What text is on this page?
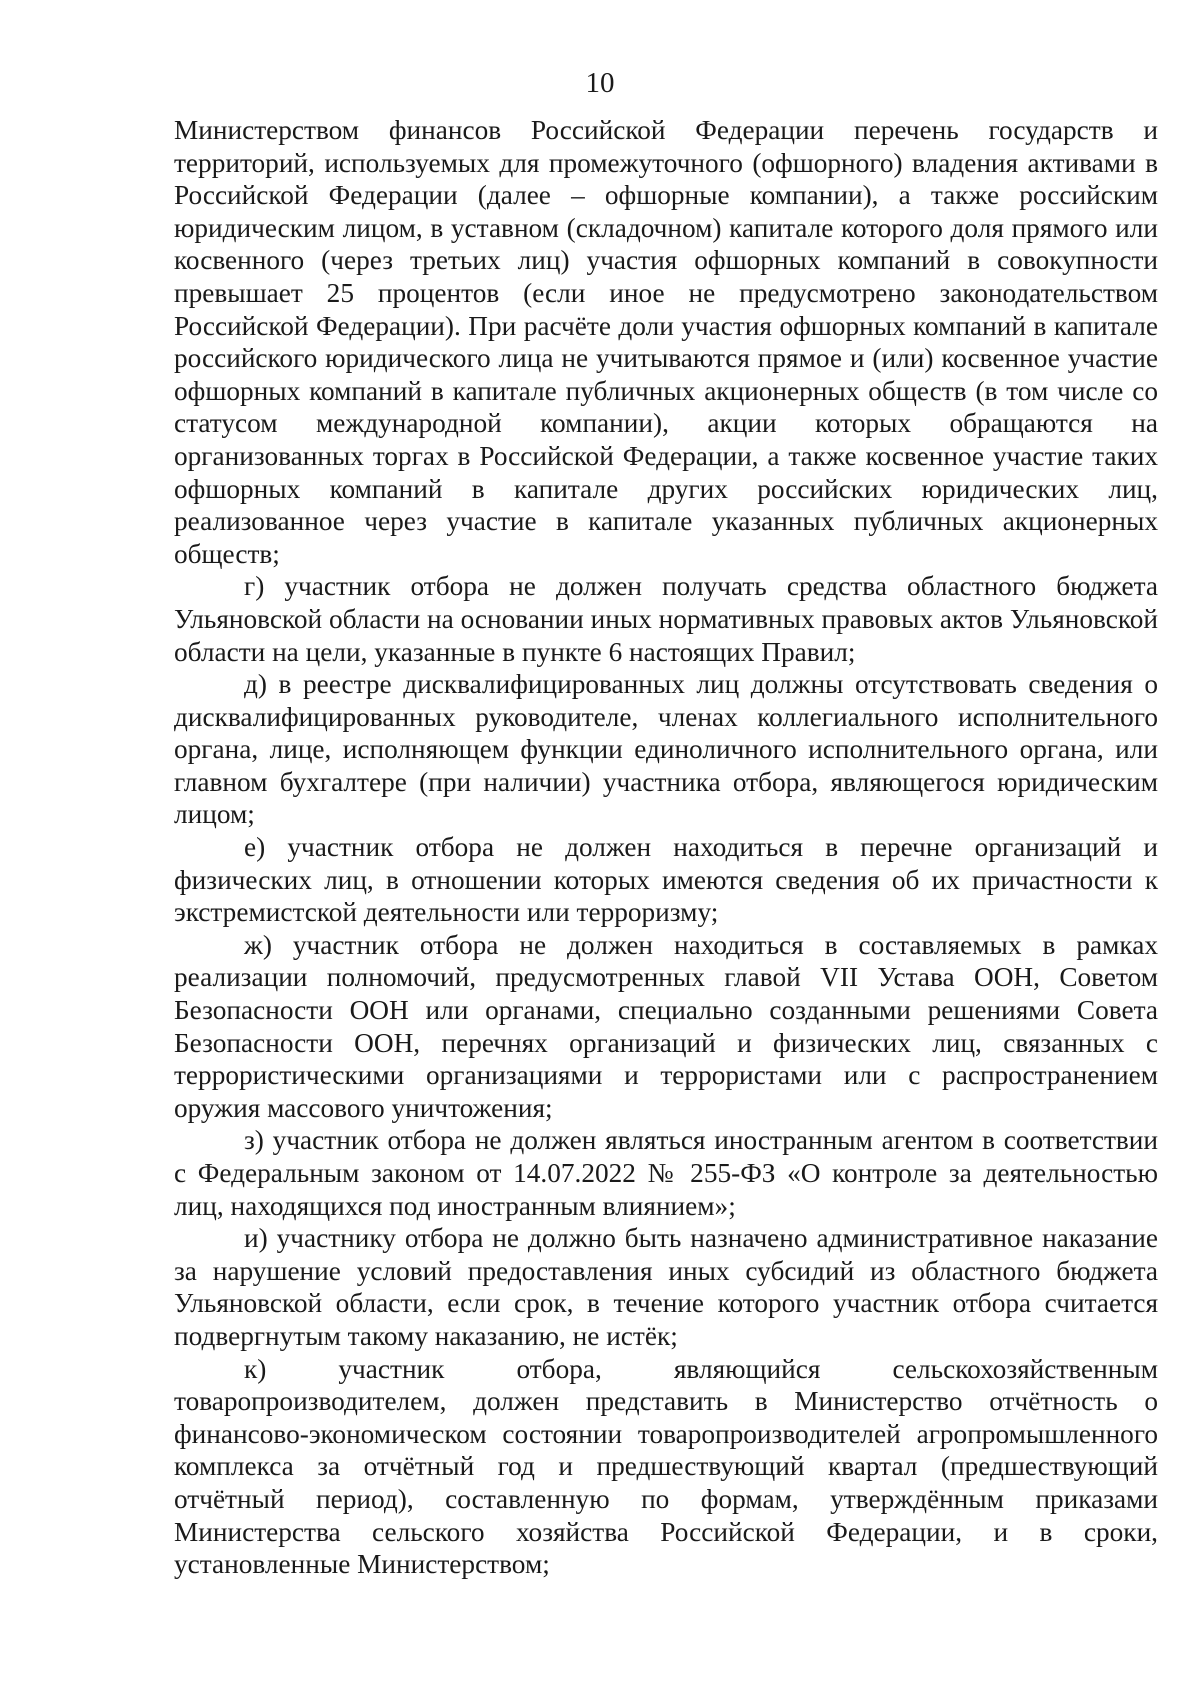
10

Министерством финансов Российской Федерации перечень государств и территорий, используемых для промежуточного (офшорного) владения активами в Российской Федерации (далее – офшорные компании), а также российским юридическим лицом, в уставном (складочном) капитале которого доля прямого или косвенного (через третьих лиц) участия офшорных компаний в совокупности превышает 25 процентов (если иное не предусмотрено законодательством Российской Федерации). При расчёте доли участия офшорных компаний в капитале российского юридического лица не учитываются прямое и (или) косвенное участие офшорных компаний в капитале публичных акционерных обществ (в том числе со статусом международной компании), акции которых обращаются на организованных торгах в Российской Федерации, а также косвенное участие таких офшорных компаний в капитале других российских юридических лиц, реализованное через участие в капитале указанных публичных акционерных обществ;

г) участник отбора не должен получать средства областного бюджета Ульяновской области на основании иных нормативных правовых актов Ульяновской области на цели, указанные в пункте 6 настоящих Правил;

д) в реестре дисквалифицированных лиц должны отсутствовать сведения о дисквалифицированных руководителе, членах коллегиального исполнительного органа, лице, исполняющем функции единоличного исполнительного органа, или главном бухгалтере (при наличии) участника отбора, являющегося юридическим лицом;

е) участник отбора не должен находиться в перечне организаций и физических лиц, в отношении которых имеются сведения об их причастности к экстремистской деятельности или терроризму;

ж) участник отбора не должен находиться в составляемых в рамках реализации полномочий, предусмотренных главой VII Устава ООН, Советом Безопасности ООН или органами, специально созданными решениями Совета Безопасности ООН, перечнях организаций и физических лиц, связанных с террористическими организациями и террористами или с распространением оружия массового уничтожения;

з) участник отбора не должен являться иностранным агентом в соответствии с Федеральным законом от 14.07.2022 № 255-ФЗ «О контроле за деятельностью лиц, находящихся под иностранным влиянием»;

и) участнику отбора не должно быть назначено административное наказание за нарушение условий предоставления иных субсидий из областного бюджета Ульяновской области, если срок, в течение которого участник отбора считается подвергнутым такому наказанию, не истёк;

к) участник отбора, являющийся сельскохозяйственным товаропроизводителем, должен представить в Министерство отчётность о финансово-экономическом состоянии товаропроизводителей агропромышленного комплекса за отчётный год и предшествующий квартал (предшествующий отчётный период), составленную по формам, утверждённым приказами Министерства сельского хозяйства Российской Федерации, и в сроки, установленные Министерством;
